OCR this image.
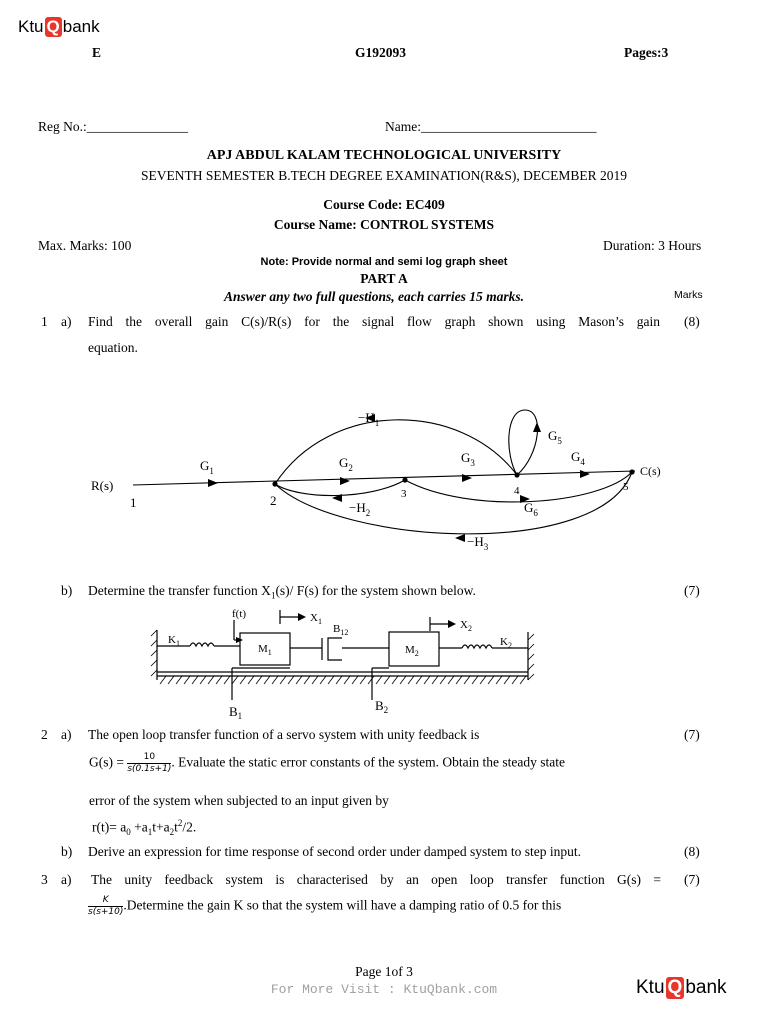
Ktu Q bank
E	G192093	Pages:3
Reg No.:_______________	Name:__________________________
APJ ABDUL KALAM TECHNOLOGICAL UNIVERSITY
SEVENTH SEMESTER B.TECH DEGREE EXAMINATION(R&S), DECEMBER 2019
Course Code: EC409
Course Name: CONTROL SYSTEMS
Max. Marks: 100	Duration: 3 Hours
Note: Provide normal and semi log graph sheet
PART A
Answer any two full questions, each carries 15 marks.	Marks
1 a) Find the overall gain C(s)/R(s) for the signal flow graph shown using Mason’s gain
equation.
(8)
R(s)
C(s)
1	2	3	4	5
$G_1$
$G_2$
$G_3$	$G_4$
$G_5$
$G_6$
$-H_1$
$-H_2$
$-H_3$
b) Determine the transfer function $X_1(s)/$ F(s) for the system shown below.	(7)
f(t)	$X_1$	$X_2$
$K_1$	$K_2$
$M_1$	$M_2$
$B_{12}$
$B_1$
$B_2$
2 a) The open loop transfer function of a servo system with unity feedback is	(7)
$G(s) = \frac{10}{s(0.1s+1)}$ . Evaluate the static error constants of the system. Obtain the steady state
error of the system when subjected to an input given by
$r(t)= a_0 +a_1t+a_2t^2/2$.
b) Derive an expression for time response of second order under damped system to step input.	(8)
3 a) The unity feedback system is characterised by an open loop transfer function G(s) = (7)
$\frac{K}{s(s+10)}$ .Determine the gain K so that the system will have a damping ratio of 0.5 for this
Page 1of 3
For More Visit : KtuQbank.com	Ktu Q bank
